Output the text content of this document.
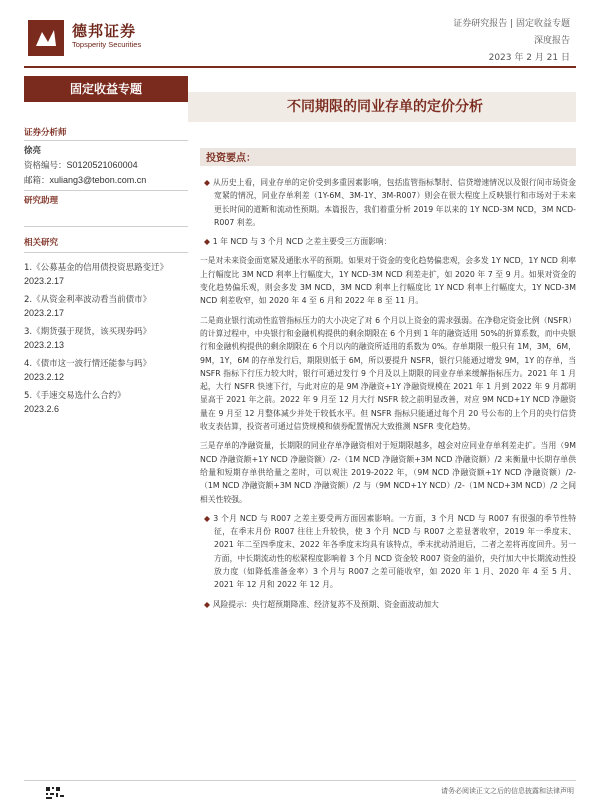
德邦证券
Topsperity Securities
证券研究报告 | 固定收益专题
深度报告
2023 年 2 月 21 日
固定收益专题
证券分析师
徐亮
资格编号：S0120521060004
邮箱：xuliang3@tebon.com.cn
研究助理
相关研究
1.《公募基金的信用债投资思路变迁》
2023.2.17
2.《从资金利率波动看当前债市》
2023.2.17
3.《期货强于现货，该买现券吗》
2023.2.13
4.《债市这一波行情还能参与吗》
2023.2.12
5.《手速交易选什么合约》
2023.2.6
不同期限的同业存单的定价分析
投资要点：

◆ 从历史上看，同业存单的定价受到多重因素影响，包括监管指标掣肘、信贷增速情况以及银行间市场资金宽紧的情况，同业存单利差（1Y-6M、3M-1Y、3M-R007）则会在很大程度上反映银行和市场对于未来更长时间的道断和流动性预期。本篇报告，我们着重分析 2019 年以来的 1Y NCD-3M NCD，3M NCD-R007 利差。

◆ 1 年 NCD 与 3 个月 NCD 之差主要受三方面影响：

一是对未来资金面宽紧及通胀水平的预期。如果对于资金的变化趋势偏悲观，会多发 1Y NCD，1Y NCD 利率上行幅度比 3M NCD 利率上行幅度大，1Y NCD-3M NCD 利差走扩，如 2020 年 7 至 9 月。如果对资金的变化趋势偏乐观，则会多发 3M NCD，3M NCD 利率上行幅度比 1Y NCD 利率上行幅度大，1Y NCD-3M NCD 利差收窄，如 2020 年 4 至 6 月和 2022 年 8 至 11 月。

二是商业银行流动性监管指标压力的大小决定了对 6 个月以上资金的需求强弱。在净稳定资金比例（NSFR）的计算过程中，中央银行和金融机构提供的剩余期限在 6 个月到 1 年的融资适用 50%的折算系数，而中央银行和金融机构提供的剩余期限在 6 个月以内的融资所适用的系数为 0%。存单期限一般只有 1M，3M，6M，9M，1Y，6M 的存单发行后，期限则低于 6M，所以要提升 NSFR，银行只能通过增发 9M，1Y 的存单，当 NSFR 指标下行压力较大时，银行可通过发行 9 个月及以上期限的同业存单来缓解指标压力。2021 年 1 月起，大行 NSFR 快速下行，与此对应的是 9M 净融资+1Y 净融资规模在 2021 年 1 月到 2022 年 9 月都明显高于 2021 年之前。2022 年 9 月至 12 月大行 NSFR 较之前明显改善，对应 9M NCD+1Y NCD 净融资量在 9 月至 12 月整体减少并处于较低水平。但 NSFR 指标只能通过每个月 20 号公布的上个月的央行信贷收支表估算，投资者可通过信贷规模和债券配置情况大致推测 NSFR 变化趋势。

三是存单的净融资量，长期限的同业存单净融资相对于短期限越多，越会对应同业存单利差走扩。当用（9M NCD 净融资额+1Y NCD 净融资额）/2-（1M NCD 净融资额+3M NCD 净融资额）/2 来衡量中长期存单供给量和短期存单供给量之差时，可以观注 2019-2022 年，（9M NCD 净融资额+1Y NCD 净融资额）/2-（1M NCD 净融资额+3M NCD 净融资额）/2 与（9M NCD+1Y NCD）/2-（1M NCD+3M NCD）/2 之间相关性较强。

◆ 3 个月 NCD 与 R007 之差主要受两方面因素影响。一方面，3 个月 NCD 与 R007 有很强的季节性特征，在季末月份 R007 往往上升较快，使 3 个月 NCD 与 R007 之差显著收窄，2019 年一季度末、2021 年二至四季度末、2022 年各季度末均具有该特点，季末扰动消退后，二者之差将再度回升。另一方面，中长期流动性的松紧程度影响着 3 个月 NCD 资金较 R007 资金的溢价，央行加大中长期流动性投放力度（如降低准备金率）3 个月与 R007 之差可能收窄，如 2020 年 1 月、2020 年 4 至 5 月、2021 年 12 月和 2022 年 12 月。

◆ 风险提示：央行超预期降准、经济复苏不及预期、资金面波动加大

请务必阅读正文之后的信息披露和法律声明
